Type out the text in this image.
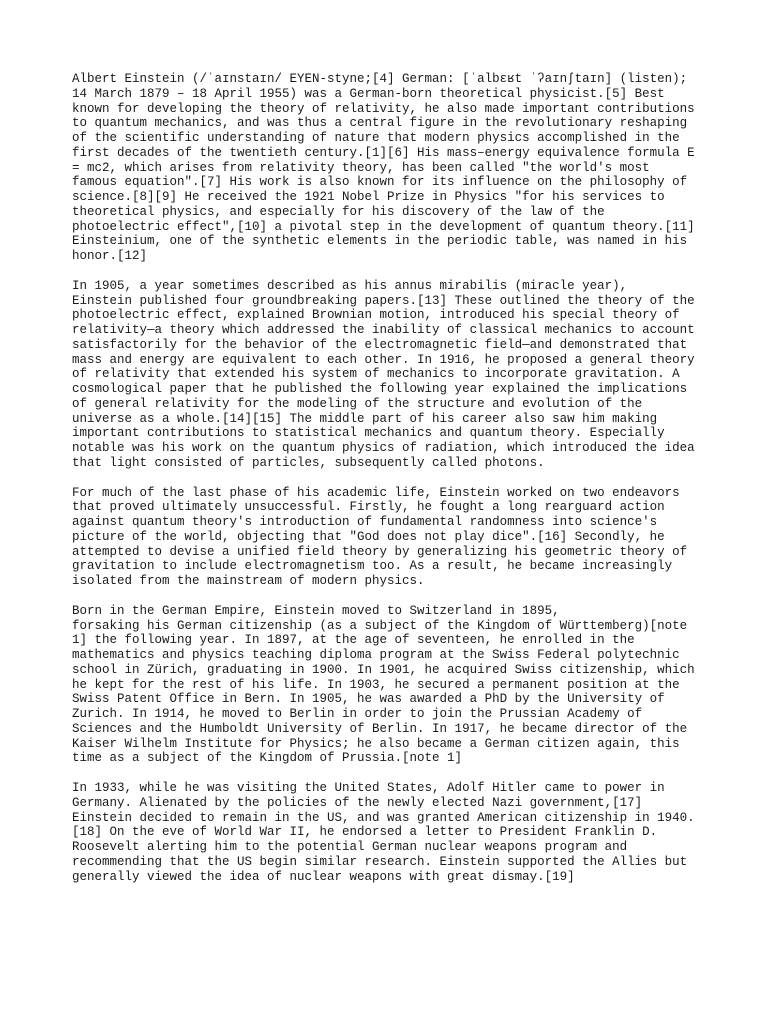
Albert Einstein (/ˈaɪnstaɪn/ EYEN-styne;[4] German: [ˈalbɛʁt ˈʔaɪnʃtaɪn] (listen);
14 March 1879 – 18 April 1955) was a German-born theoretical physicist.[5] Best
known for developing the theory of relativity, he also made important contributions
to quantum mechanics, and was thus a central figure in the revolutionary reshaping
of the scientific understanding of nature that modern physics accomplished in the
first decades of the twentieth century.[1][6] His mass–energy equivalence formula E
= mc2, which arises from relativity theory, has been called "the world's most
famous equation".[7] His work is also known for its influence on the philosophy of
science.[8][9] He received the 1921 Nobel Prize in Physics "for his services to
theoretical physics, and especially for his discovery of the law of the
photoelectric effect",[10] a pivotal step in the development of quantum theory.[11]
Einsteinium, one of the synthetic elements in the periodic table, was named in his
honor.[12]

In 1905, a year sometimes described as his annus mirabilis (miracle year),
Einstein published four groundbreaking papers.[13] These outlined the theory of the
photoelectric effect, explained Brownian motion, introduced his special theory of
relativity—a theory which addressed the inability of classical mechanics to account
satisfactorily for the behavior of the electromagnetic field—and demonstrated that
mass and energy are equivalent to each other. In 1916, he proposed a general theory
of relativity that extended his system of mechanics to incorporate gravitation. A
cosmological paper that he published the following year explained the implications
of general relativity for the modeling of the structure and evolution of the
universe as a whole.[14][15] The middle part of his career also saw him making
important contributions to statistical mechanics and quantum theory. Especially
notable was his work on the quantum physics of radiation, which introduced the idea
that light consisted of particles, subsequently called photons.

For much of the last phase of his academic life, Einstein worked on two endeavors
that proved ultimately unsuccessful. Firstly, he fought a long rearguard action
against quantum theory's introduction of fundamental randomness into science's
picture of the world, objecting that "God does not play dice".[16] Secondly, he
attempted to devise a unified field theory by generalizing his geometric theory of
gravitation to include electromagnetism too. As a result, he became increasingly
isolated from the mainstream of modern physics.

Born in the German Empire, Einstein moved to Switzerland in 1895,
forsaking his German citizenship (as a subject of the Kingdom of Württemberg)[note
1] the following year. In 1897, at the age of seventeen, he enrolled in the
mathematics and physics teaching diploma program at the Swiss Federal polytechnic
school in Zürich, graduating in 1900. In 1901, he acquired Swiss citizenship, which
he kept for the rest of his life. In 1903, he secured a permanent position at the
Swiss Patent Office in Bern. In 1905, he was awarded a PhD by the University of
Zurich. In 1914, he moved to Berlin in order to join the Prussian Academy of
Sciences and the Humboldt University of Berlin. In 1917, he became director of the
Kaiser Wilhelm Institute for Physics; he also became a German citizen again, this
time as a subject of the Kingdom of Prussia.[note 1]

In 1933, while he was visiting the United States, Adolf Hitler came to power in
Germany. Alienated by the policies of the newly elected Nazi government,[17]
Einstein decided to remain in the US, and was granted American citizenship in 1940.
[18] On the eve of World War II, he endorsed a letter to President Franklin D.
Roosevelt alerting him to the potential German nuclear weapons program and
recommending that the US begin similar research. Einstein supported the Allies but
generally viewed the idea of nuclear weapons with great dismay.[19]
